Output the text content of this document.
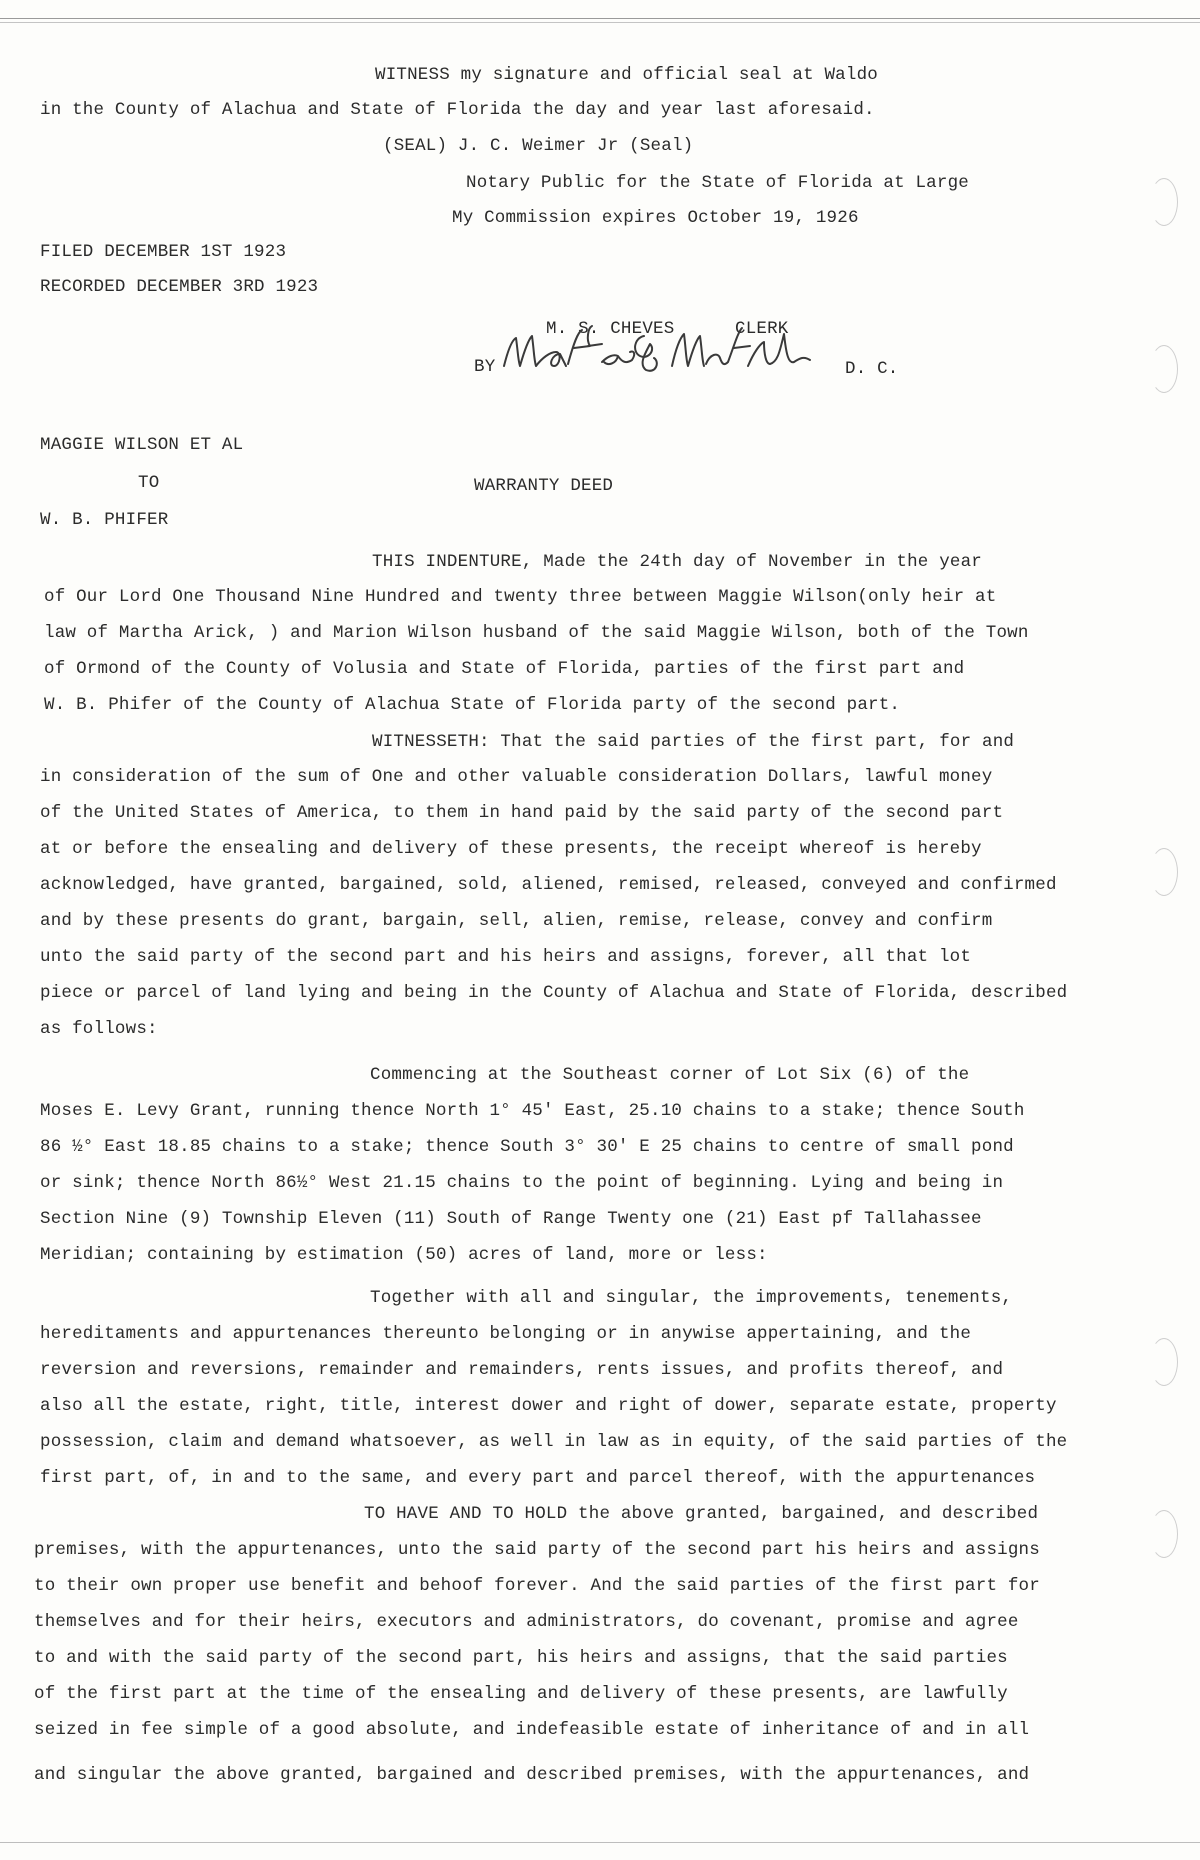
WITNESS my signature and official seal at Waldo
in the County of Alachua and State of Florida the day and year last aforesaid.
(SEAL) J. C. Weimer Jr (Seal)
Notary Public for the State of Florida at Large
My Commission expires October 19, 1926
FILED DECEMBER 1ST 1923
RECORDED DECEMBER 3RD 1923
M. S. CHEVES	CLERK
BY	D. C.
MAGGIE WILSON ET AL
TO	WARRANTY DEED
W. B. PHIFER
THIS INDENTURE, Made the 24th day of November in the year
of Our Lord One Thousand Nine Hundred and twenty three between Maggie Wilson(only heir at
law of Martha Arick, ) and Marion Wilson husband of the said Maggie Wilson, both of the Town
of Ormond of the County of Volusia and State of Florida, parties of the first part and
W. B. Phifer of the County of Alachua State of Florida party of the second part.
WITNESSETH: That the said parties of the first part, for and
in consideration of the sum of One and other valuable consideration Dollars, lawful money
of the United States of America, to them in hand paid by the said party of the second part
at or before the ensealing and delivery of these presents, the receipt whereof is hereby
acknowledged, have granted, bargained, sold, aliened, remised, released, conveyed and confirmed
and by these presents do grant, bargain, sell, alien, remise, release, convey and confirm
unto the said party of the second part and his heirs and assigns, forever, all that lot
piece or parcel of land lying and being in the County of Alachua and State of Florida, described
as follows:
Commencing at the Southeast corner of Lot Six (6) of the
Moses E. Levy Grant, running thence North 1° 45' East, 25.10 chains to a stake; thence South
86 ½° East 18.85 chains to a stake; thence South 3° 30' E 25 chains to centre of small pond
or sink; thence North 86½° West 21.15 chains to the point of beginning. Lying and being in
Section Nine (9) Township Eleven (11) South of Range Twenty one (21) East pf Tallahassee
Meridian; containing by estimation (50) acres of land, more or less:
Together with all and singular, the improvements, tenements,
hereditaments and appurtenances thereunto belonging or in anywise appertaining, and the
reversion and reversions, remainder and remainders, rents issues, and profits thereof, and
also all the estate, right, title, interest dower and right of dower, separate estate, property
possession, claim and demand whatsoever, as well in law as in equity, of the said parties of the
first part, of, in and to the same, and every part and parcel thereof, with the appurtenances
TO HAVE AND TO HOLD the above granted, bargained, and described
premises, with the appurtenances, unto the said party of the second part his heirs and assigns
to their own proper use benefit and behoof forever. And the said parties of the first part for
themselves and for their heirs, executors and administrators, do covenant, promise and agree
to and with the said party of the second part, his heirs and assigns, that the said parties
of the first part at the time of the ensealing and delivery of these presents, are lawfully
seized in fee simple of a good absolute, and indefeasible estate of inheritance of and in all
and singular the above granted, bargained and described premises, with the appurtenances, and
